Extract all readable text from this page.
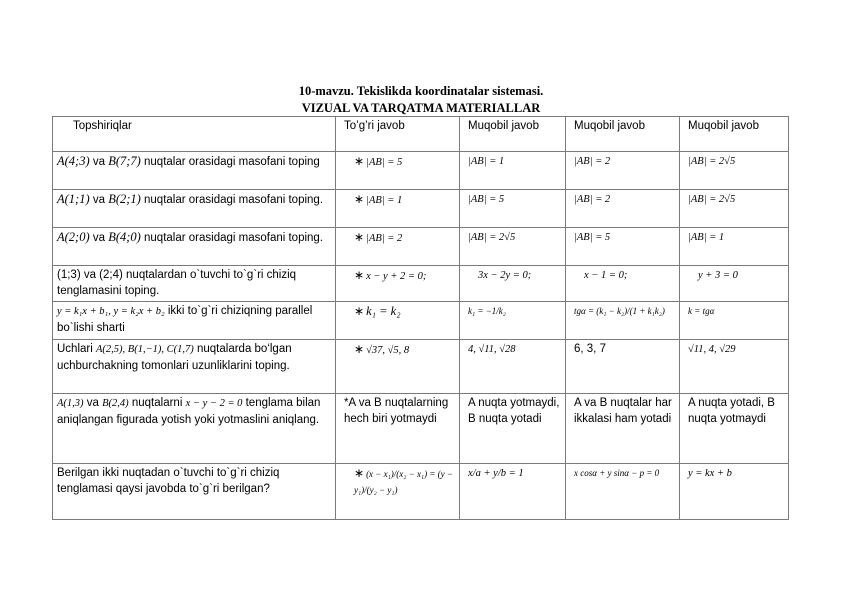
10-mavzu. Tekislikda koordinatalar sistemasi.
VIZUAL VA TARQATMA MATERIALLAR
Topshiriqlar	To’g’ri javob	Muqobil javob	Muqobil javob	Muqobil javob
A(4;3) va B(7;7) nuqtalar orasidagi masofani toping	∗ |AB| = 5	|AB| = 1	|AB| = 2	|AB| = 2√5
A(1;1) va B(2;1) nuqtalar orasidagi masofani toping.	∗ |AB| = 1	|AB| = 5	|AB| = 2	|AB| = 2√5
A(2;0) va B(4;0) nuqtalar orasidagi masofani toping.	∗ |AB| = 2	|AB| = 2√5	|AB| = 5	|AB| = 1
(1;3) va (2;4) nuqtalardan o`tuvchi to`g`ri chiziq tenglamasini toping.	∗ x − y + 2 = 0;	3x − 2y = 0;	x − 1 = 0;	y + 3 = 0
y = k₁x + b₁, y = k₂x + b₂ ikki to`g`ri chiziqning parallel bo`lishi sharti	∗ k₁ = k₂	k₁ = −1/k₂	tgα = (k₁ − k₂)/(1 + k₁k₂)	k = tgα
Uchlari A(2,5), B(1,−1), C(1,7) nuqtalarda bo‘lgan uchburchakning tomonlari uzunliklarini toping.	∗ √37, √5, 8	4, √11, √28	6, 3, 7	√11, 4, √29
A(1,3) va B(2,4) nuqtalarni x − y − 2 = 0 tenglama bilan aniqlangan figurada yotish yoki yotmaslini aniqlang.	*A va B nuqtalarning hech biri yotmaydi	A nuqta yotmaydi, B nuqta yotadi	A va B nuqtalar har ikkalasi ham yotadi	A nuqta yotadi, B nuqta yotmaydi
Berilgan ikki nuqtadan o`tuvchi to`g`ri chiziq tenglamasi qaysi javobda to`g`ri berilgan?	∗ (x − x₁)/(x₂ − x₁) = (y − y₁)/(y₂ − y₁)	x/a + y/b = 1	x cosα + y sinα − p = 0	y = kx + b
